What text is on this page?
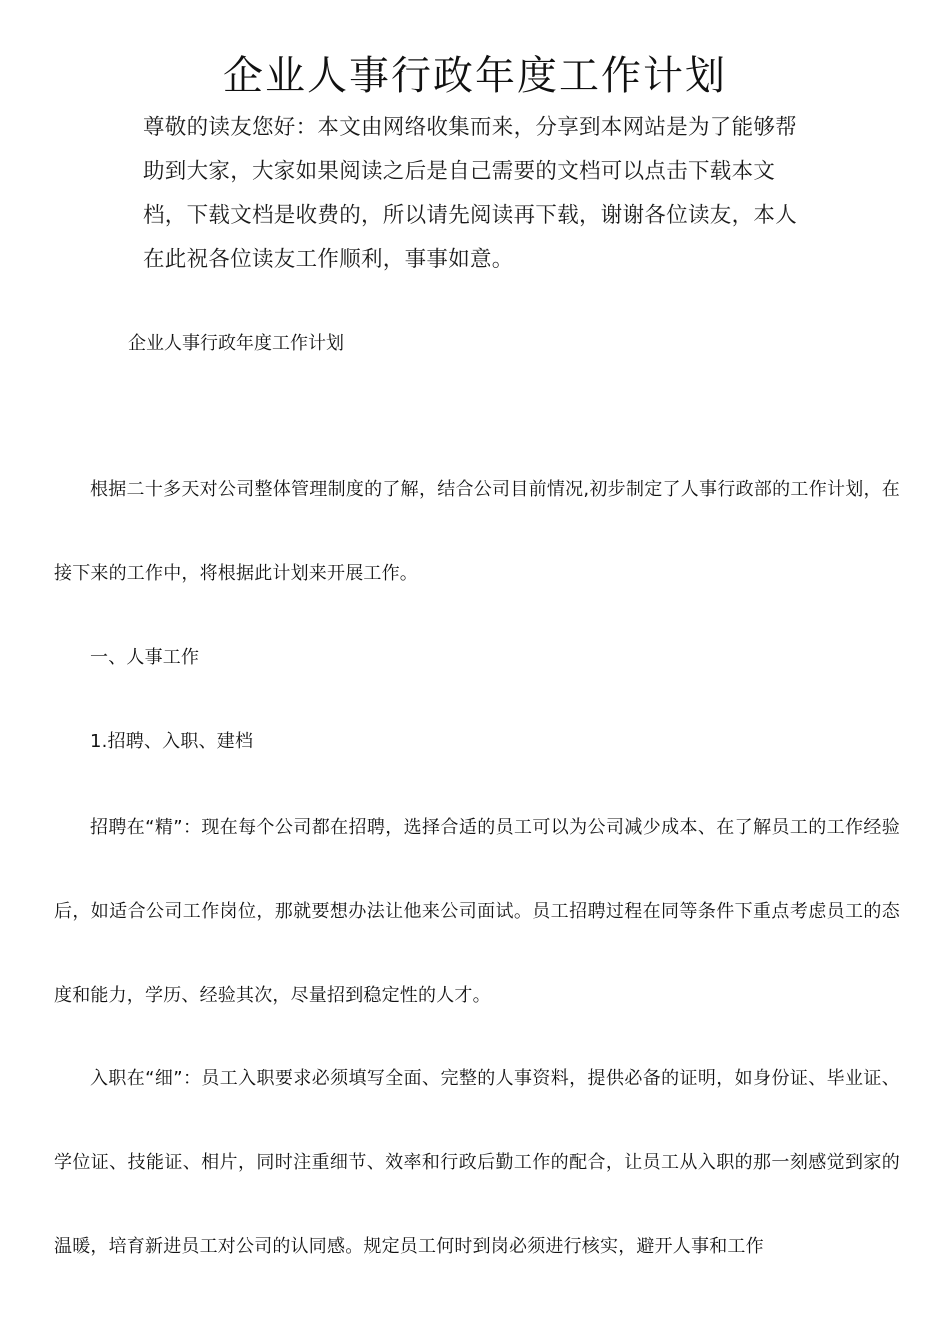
企业人事行政年度工作计划

尊敬的读友您好：本文由网络收集而来，分享到本网站是为了能够帮助到大家，大家如果阅读之后是自己需要的文档可以点击下载本文档，下载文档是收费的，所以请先阅读再下载，谢谢各位读友，本人在此祝各位读友工作顺利，事事如意。

企业人事行政年度工作计划

根据二十多天对公司整体管理制度的了解，结合公司目前情况,初步制定了人事行政部的工作计划，在接下来的工作中，将根据此计划来开展工作。

一、人事工作

1.招聘、入职、建档

招聘在“精”：现在每个公司都在招聘，选择合适的员工可以为公司减少成本、在了解员工的工作经验后，如适合公司工作岗位，那就要想办法让他来公司面试。员工招聘过程在同等条件下重点考虑员工的态度和能力，学历、经验其次，尽量招到稳定性的人才。

入职在“细”：员工入职要求必须填写全面、完整的人事资料，提供必备的证明，如身份证、毕业证、学位证、技能证、相片，同时注重细节、效率和行政后勤工作的配合，让员工从入职的那一刻感觉到家的温暖，培育新进员工对公司的认同感。规定员工何时到岗必须进行核实，避开人事和工作
